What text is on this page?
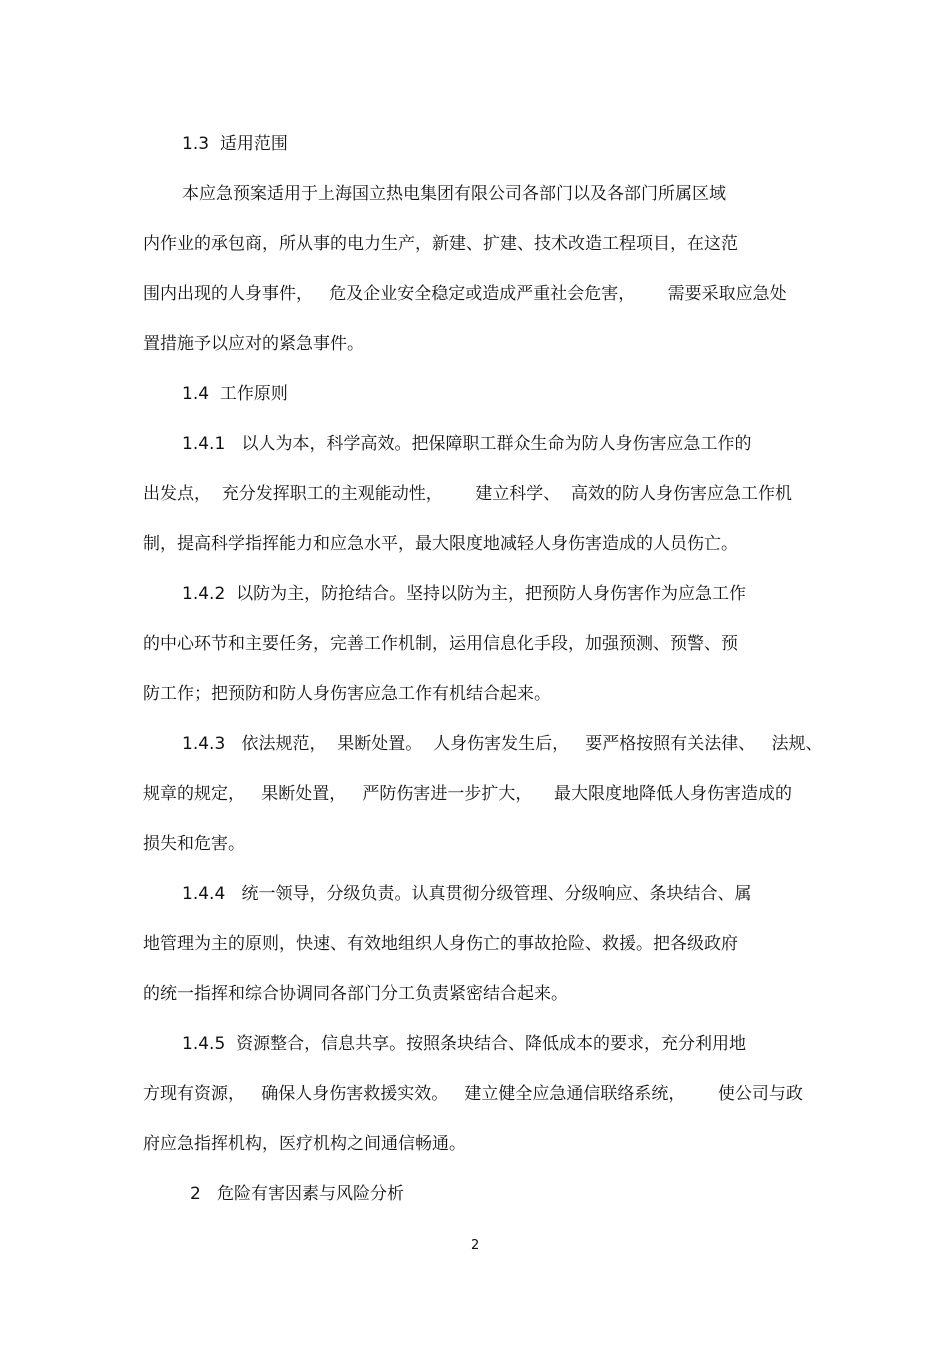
1.3  适用范围

本应急预案适用于上海国立热电集团有限公司各部门以及各部门所属区域

内作业的承包商，所从事的电力生产，新建、扩建、技术改造工程项目，在这范

围内出现的人身事件，   危及企业安全稳定或造成严重社会危害，      需要采取应急处

置措施予以应对的紧急事件。

1.4  工作原则

1.4.1   以人为本，科学高效。把保障职工群众生命为防人身伤害应急工作的

出发点，  充分发挥职工的主观能动性，      建立科学、  高效的防人身伤害应急工作机

制，提高科学指挥能力和应急水平，最大限度地减轻人身伤害造成的人员伤亡。

1.4.2  以防为主，防抢结合。坚持以防为主，把预防人身伤害作为应急工作

的中心环节和主要任务，完善工作机制，运用信息化手段，加强预测、预警、预

防工作；把预防和防人身伤害应急工作有机结合起来。

1.4.3   依法规范，  果断处置。  人身伤害发生后，   要严格按照有关法律、   法规、

规章的规定，   果断处置，   严防伤害进一步扩大，    最大限度地降低人身伤害造成的

损失和危害。

1.4.4   统一领导，分级负责。认真贯彻分级管理、分级响应、条块结合、属

地管理为主的原则，快速、有效地组织人身伤亡的事故抢险、救援。把各级政府

的统一指挥和综合协调同各部门分工负责紧密结合起来。

1.4.5  资源整合，信息共享。按照条块结合、降低成本的要求，充分利用地

方现有资源，   确保人身伤害救援实效。   建立健全应急通信联络系统，      使公司与政

府应急指挥机构，医疗机构之间通信畅通。

2   危险有害因素与风险分析

2
